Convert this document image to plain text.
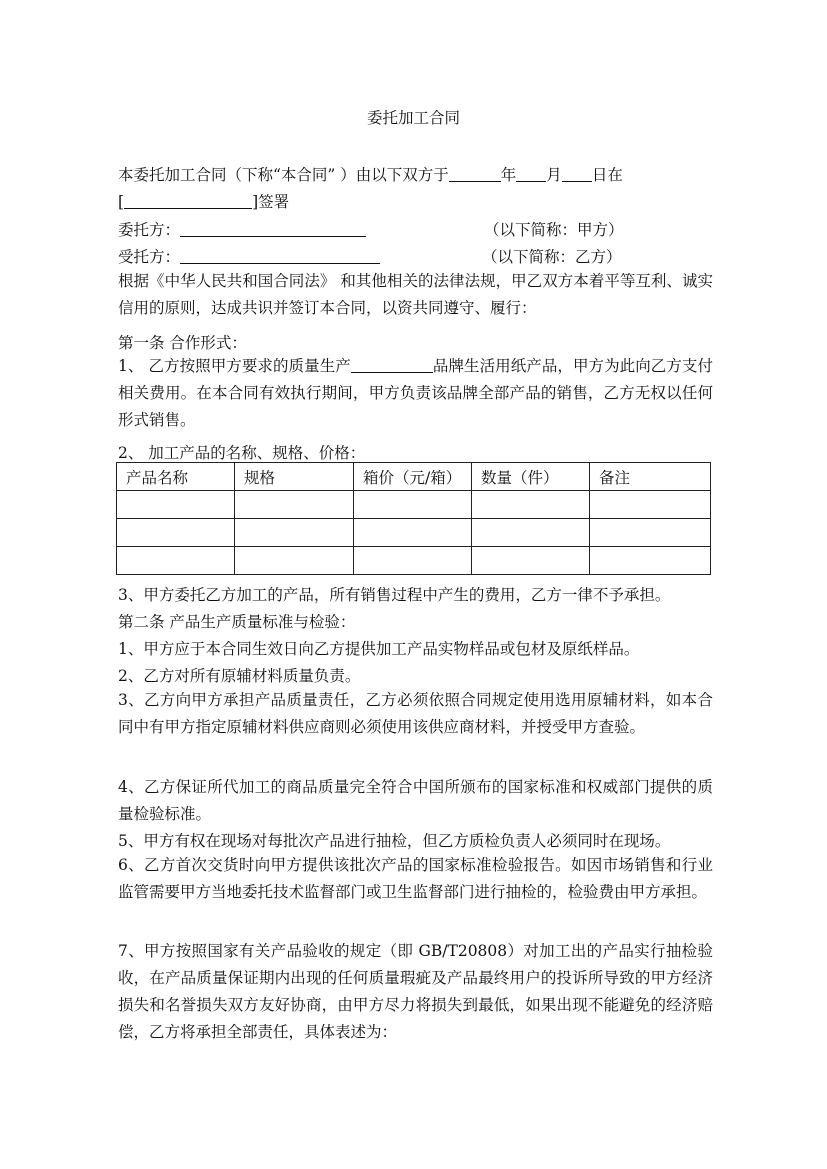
委托加工合同
本委托加工合同（下称“本合同” ）由以下双方于	年 月 日在
[	]签署
委托方：	（以下简称：甲方）
受托方：	（以下简称：乙方）
根据《中华人民共和国合同法》 和其他相关的法律法规，甲乙双方本着平等互利、诚实信用的原则，达成共识并签订本合同，以资共同遵守、履行：
第一条 合作形式：
1、 乙方按照甲方要求的质量生产	品牌生活用纸产品，甲方为此向乙方支付相关费用。在本合同有效执行期间，甲方负责该品牌全部产品的销售，乙方无权以任何形式销售。
2、 加工产品的名称、规格、价格：
产品名称	规格	箱价（元/箱）	数量（件）	备注

3、甲方委托乙方加工的产品，所有销售过程中产生的费用，乙方一律不予承担。
第二条 产品生产质量标准与检验：
1、甲方应于本合同生效日向乙方提供加工产品实物样品或包材及原纸样品。
2、乙方对所有原辅材料质量负责。
3、乙方向甲方承担产品质量责任，乙方必须依照合同规定使用选用原辅材料，如本合同中有甲方指定原辅材料供应商则必须使用该供应商材料，并授受甲方查验。
4、乙方保证所代加工的商品质量完全符合中国所颁布的国家标准和权威部门提供的质量检验标准。
5、甲方有权在现场对每批次产品进行抽检，但乙方质检负责人必须同时在现场。
6、乙方首次交货时向甲方提供该批次产品的国家标准检验报告。如因市场销售和行业监管需要甲方当地委托技术监督部门或卫生监督部门进行抽检的，检验费由甲方承担。
7、甲方按照国家有关产品验收的规定（即 GB/T20808）对加工出的产品实行抽检验收，在产品质量保证期内出现的任何质量瑕疵及产品最终用户的投诉所导致的甲方经济损失和名誉损失双方友好协商，由甲方尽力将损失到最低，如果出现不能避免的经济赔偿，乙方将承担全部责任，具体表述为：
